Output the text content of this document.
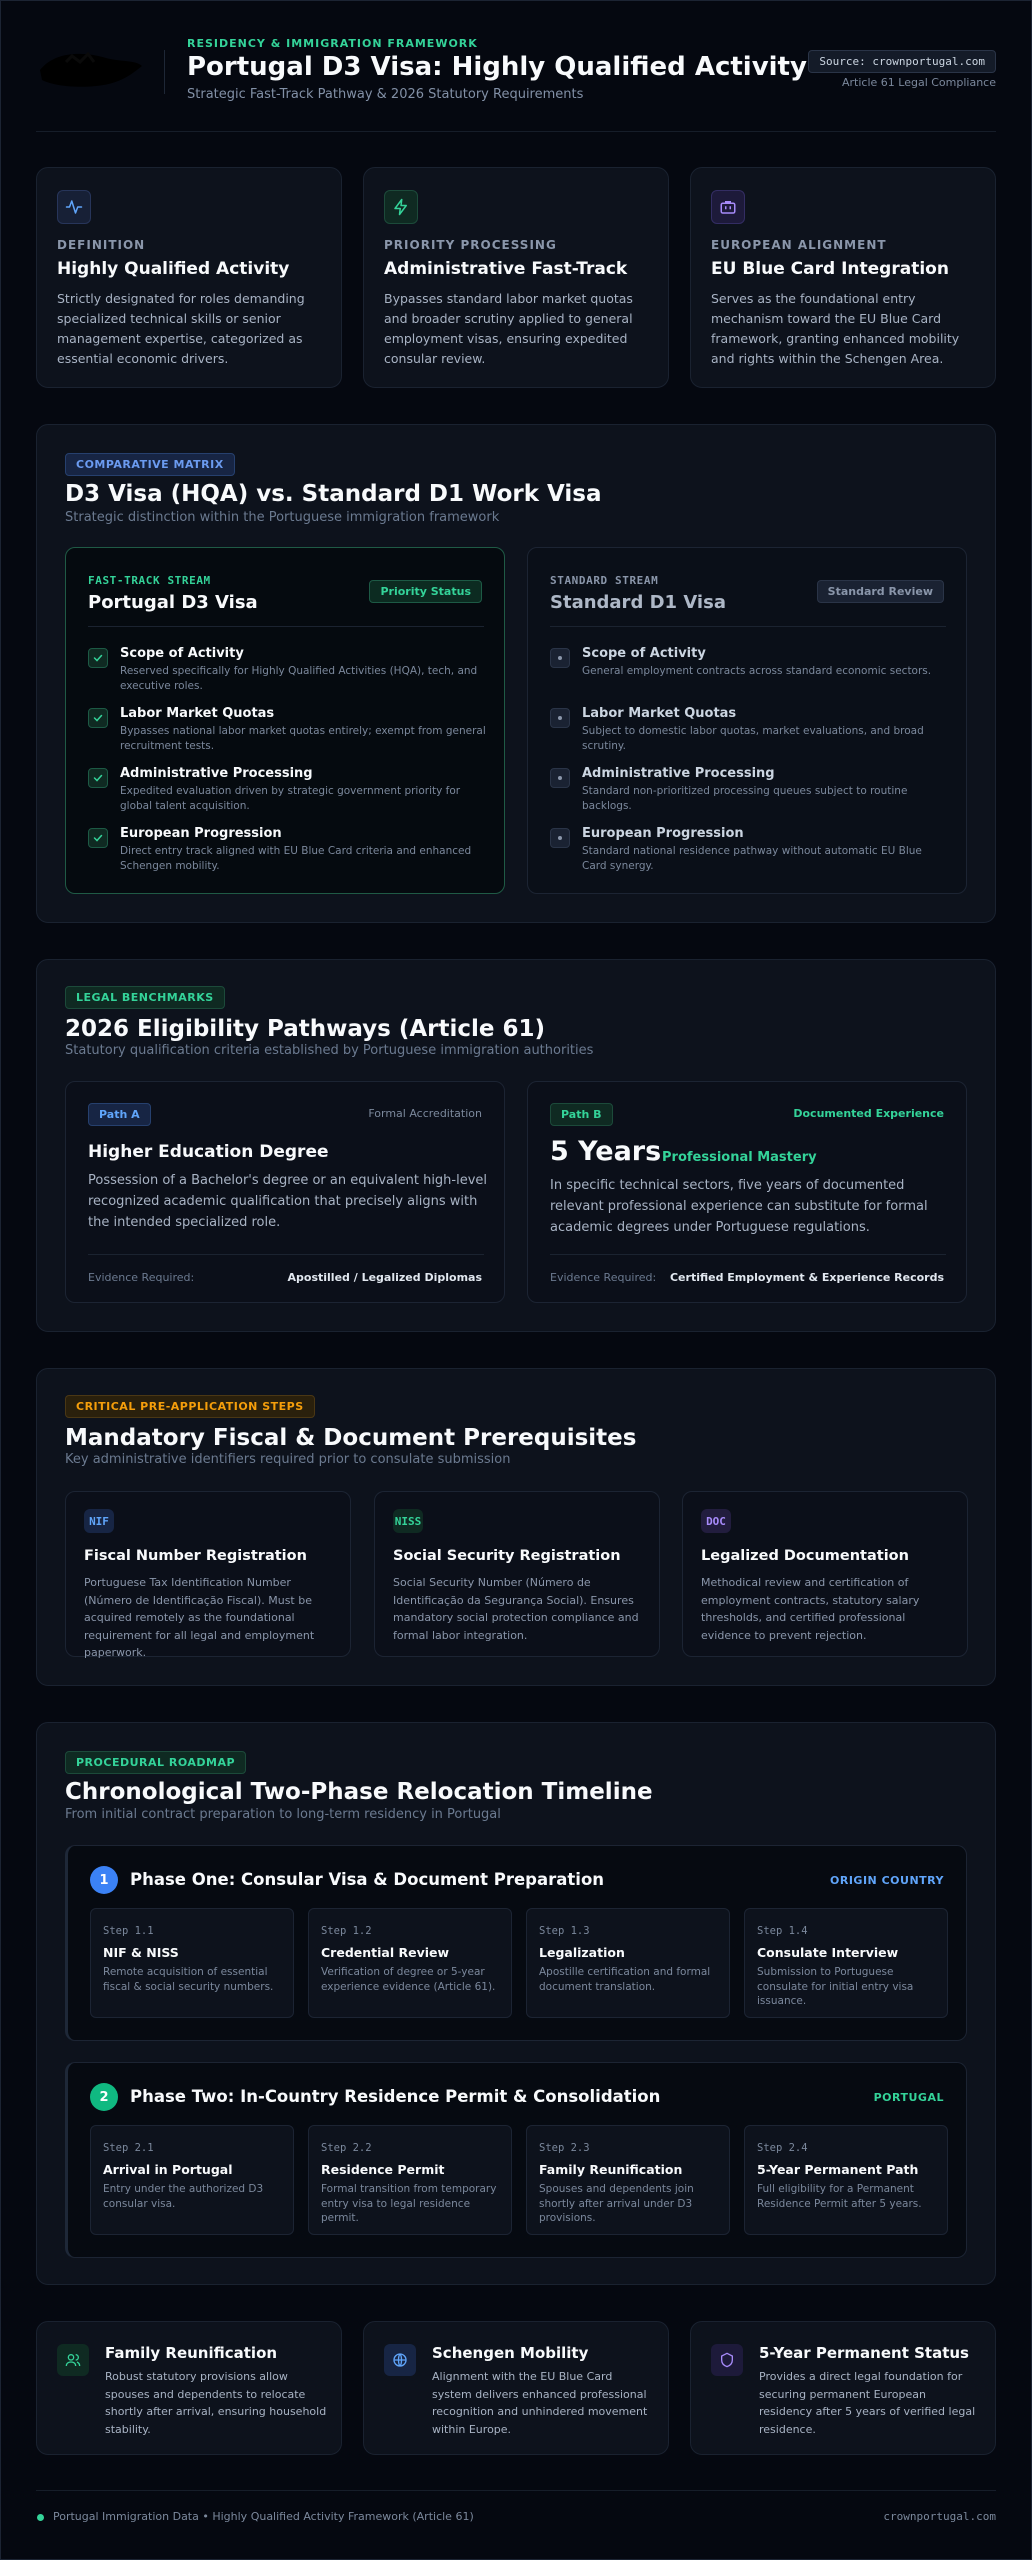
RESIDENCY & IMMIGRATION FRAMEWORK
Portugal D3 Visa: Highly Qualified Activity
Strategic Fast-Track Pathway & 2026 Statutory Requirements
Source: crownportugal.com
Article 61 Legal Compliance
DEFINITION
Highly Qualified Activity
Strictly designated for roles demanding specialized technical skills or senior management expertise, categorized as essential economic drivers.
PRIORITY PROCESSING
Administrative Fast-Track
Bypasses standard labor market quotas and broader scrutiny applied to general employment visas, ensuring expedited consular review.
EUROPEAN ALIGNMENT
EU Blue Card Integration
Serves as the foundational entry mechanism toward the EU Blue Card framework, granting enhanced mobility and rights within the Schengen Area.
COMPARATIVE MATRIX
D3 Visa (HQA) vs. Standard D1 Work Visa
Strategic distinction within the Portuguese immigration framework
FAST-TRACK STREAM
Portugal D3 Visa
Priority Status
Scope of Activity
Reserved specifically for Highly Qualified Activities (HQA), tech, and executive roles.
Labor Market Quotas
Bypasses national labor market quotas entirely; exempt from general recruitment tests.
Administrative Processing
Expedited evaluation driven by strategic government priority for global talent acquisition.
European Progression
Direct entry track aligned with EU Blue Card criteria and enhanced Schengen mobility.
STANDARD STREAM
Standard D1 Visa
Standard Review
Scope of Activity
General employment contracts across standard economic sectors.
Labor Market Quotas
Subject to domestic labor quotas, market evaluations, and broad scrutiny.
Administrative Processing
Standard non-prioritized processing queues subject to routine backlogs.
European Progression
Standard national residence pathway without automatic EU Blue Card synergy.
LEGAL BENCHMARKS
2026 Eligibility Pathways (Article 61)
Statutory qualification criteria established by Portuguese immigration authorities
Path A	Formal Accreditation
Higher Education Degree
Possession of a Bachelor's degree or an equivalent high-level recognized academic qualification that precisely aligns with the intended specialized role.
Evidence Required:	Apostilled / Legalized Diplomas
Path B	Documented Experience
5 Years Professional Mastery
In specific technical sectors, five years of documented relevant professional experience can substitute for formal academic degrees under Portuguese regulations.
Evidence Required: Certified Employment & Experience Records
CRITICAL PRE-APPLICATION STEPS
Mandatory Fiscal & Document Prerequisites
Key administrative identifiers required prior to consulate submission
NIF
Fiscal Number Registration
Portuguese Tax Identification Number (Número de Identificação Fiscal). Must be acquired remotely as the foundational requirement for all legal and employment paperwork.
NISS
Social Security Registration
Social Security Number (Número de Identificação da Segurança Social). Ensures mandatory social protection compliance and formal labor integration.
DOC
Legalized Documentation
Methodical review and certification of employment contracts, statutory salary thresholds, and certified professional evidence to prevent rejection.
PROCEDURAL ROADMAP
Chronological Two-Phase Relocation Timeline
From initial contract preparation to long-term residency in Portugal
1	Phase One: Consular Visa & Document Preparation	ORIGIN COUNTRY
Step 1.1
NIF & NISS
Remote acquisition of essential fiscal & social security numbers.
Step 1.2
Credential Review
Verification of degree or 5-year experience evidence (Article 61).
Step 1.3
Legalization
Apostille certification and formal document translation.
Step 1.4
Consulate Interview
Submission to Portuguese consulate for initial entry visa issuance.
2	Phase Two: In-Country Residence Permit & Consolidation	PORTUGAL
Step 2.1
Arrival in Portugal
Entry under the authorized D3 consular visa.
Step 2.2
Residence Permit
Formal transition from temporary entry visa to legal residence permit.
Step 2.3
Family Reunification
Spouses and dependents join shortly after arrival under D3 provisions.
Step 2.4
5-Year Permanent Path
Full eligibility for a Permanent Residence Permit after 5 years.
Family Reunification
Robust statutory provisions allow spouses and dependents to relocate shortly after arrival, ensuring household stability.
Schengen Mobility
Alignment with the EU Blue Card system delivers enhanced professional recognition and unhindered movement within Europe.
5-Year Permanent Status
Provides a direct legal foundation for securing permanent European residency after 5 years of verified legal residence.
Portugal Immigration Data • Highly Qualified Activity Framework (Article 61)	crownportugal.com
